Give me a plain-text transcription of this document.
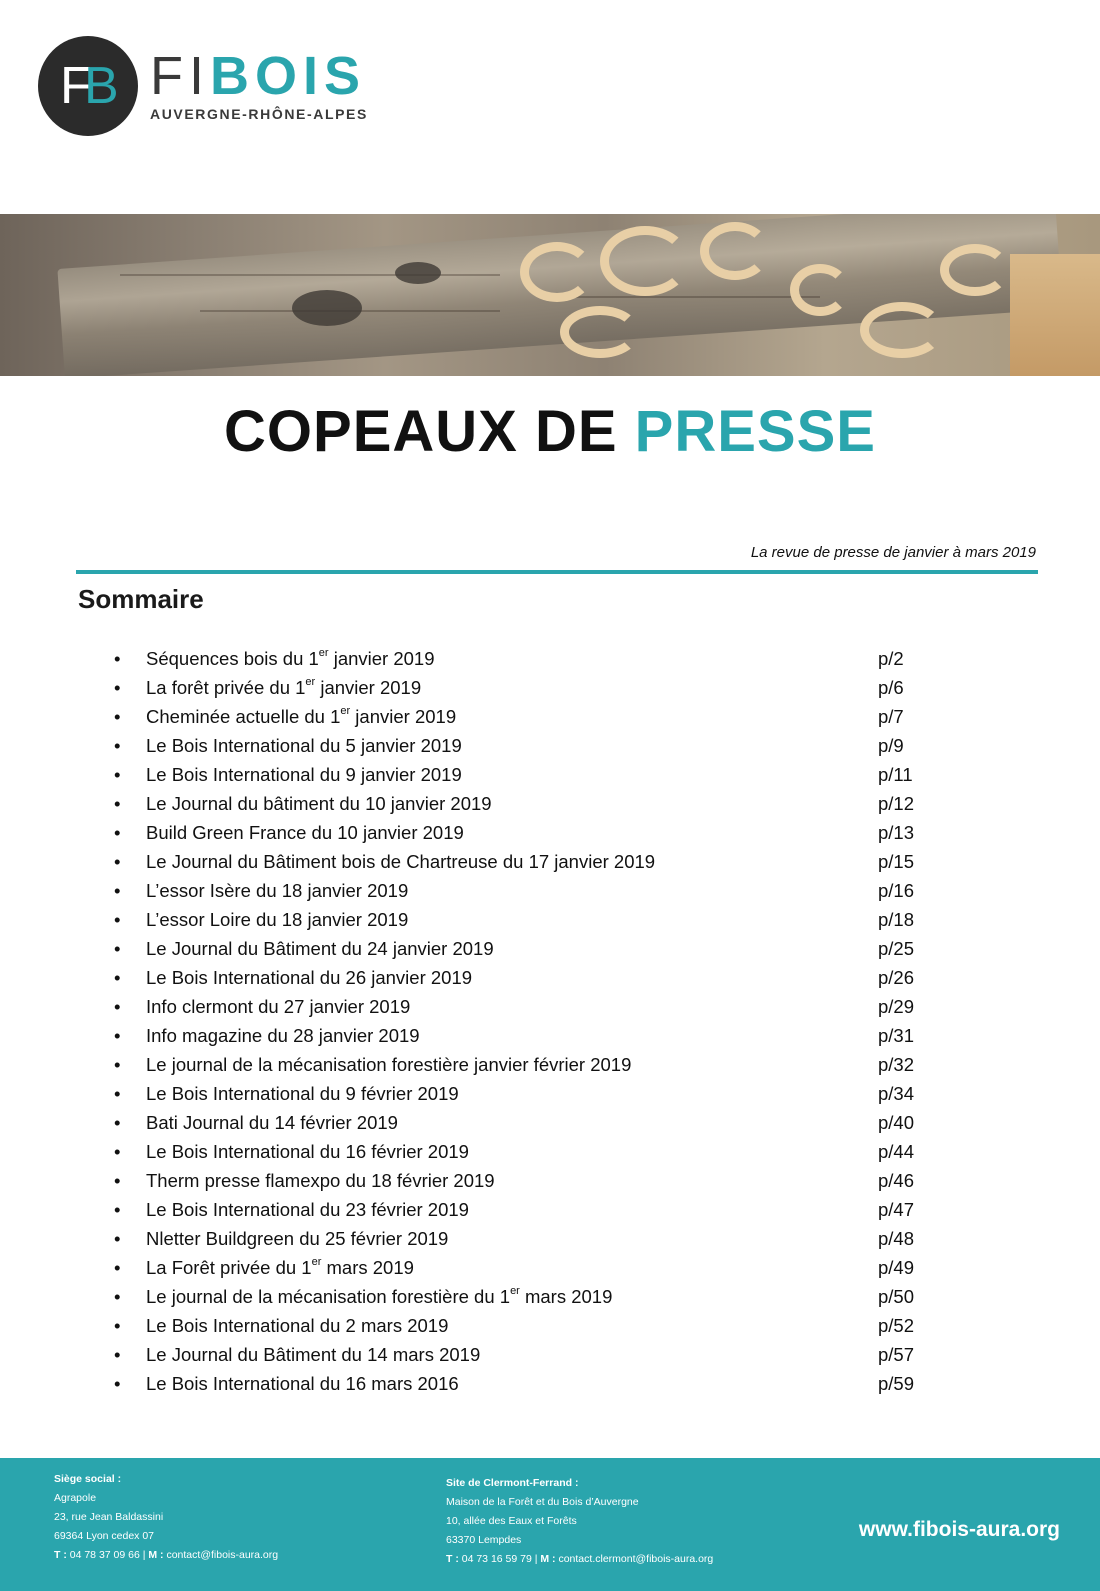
F
B FIBOIS
AUVERGNE-RHÔNE-ALPES
COPEAUX DE PRESSE
La revue de presse de janvier à mars 2019
Sommaire
• Séquences bois du 1er janvier 2019	p/2
• La forêt privée du 1er janvier 2019	p/6
• Cheminée actuelle du 1er janvier 2019	p/7
• Le Bois International du 5 janvier 2019	p/9
• Le Bois International du 9 janvier 2019	p/11
• Le Journal du bâtiment du 10 janvier 2019	p/12
• Build Green France du 10 janvier 2019	p/13
• Le Journal du Bâtiment bois de Chartreuse du 17 janvier 2019	p/15
• L’essor Isère du 18 janvier 2019	p/16
• L’essor Loire du 18 janvier 2019	p/18
• Le Journal du Bâtiment du 24 janvier 2019	p/25
• Le Bois International du 26 janvier 2019	p/26
• Info clermont du 27 janvier 2019	p/29
• Info magazine du 28 janvier 2019	p/31
• Le journal de la mécanisation forestière janvier février 2019	p/32
• Le Bois International du 9 février 2019	p/34
• Bati Journal du 14 février 2019	p/40
• Le Bois International du 16 février 2019	p/44
• Therm presse flamexpo du 18 février 2019	p/46
• Le Bois International du 23 février 2019	p/47
• Nletter Buildgreen du 25 février 2019	p/48
• La Forêt privée du 1er mars 2019	p/49
• Le journal de la mécanisation forestière du 1er mars 2019	p/50
• Le Bois International du 2 mars 2019	p/52
• Le Journal du Bâtiment du 14 mars 2019	p/57
• Le Bois International du 16 mars 2016	p/59
Siège social :
Agrapole
23, rue Jean Baldassini
69364 Lyon cedex 07
T : 04 78 37 09 66 | M : contact@fibois-aura.org
Site de Clermont-Ferrand :
Maison de la Forêt et du Bois d’Auvergne
10, allée des Eaux et Forêts
63370 Lempdes
T : 04 73 16 59 79 | M : contact.clermont@fibois-aura.org
www.fibois-aura.org
